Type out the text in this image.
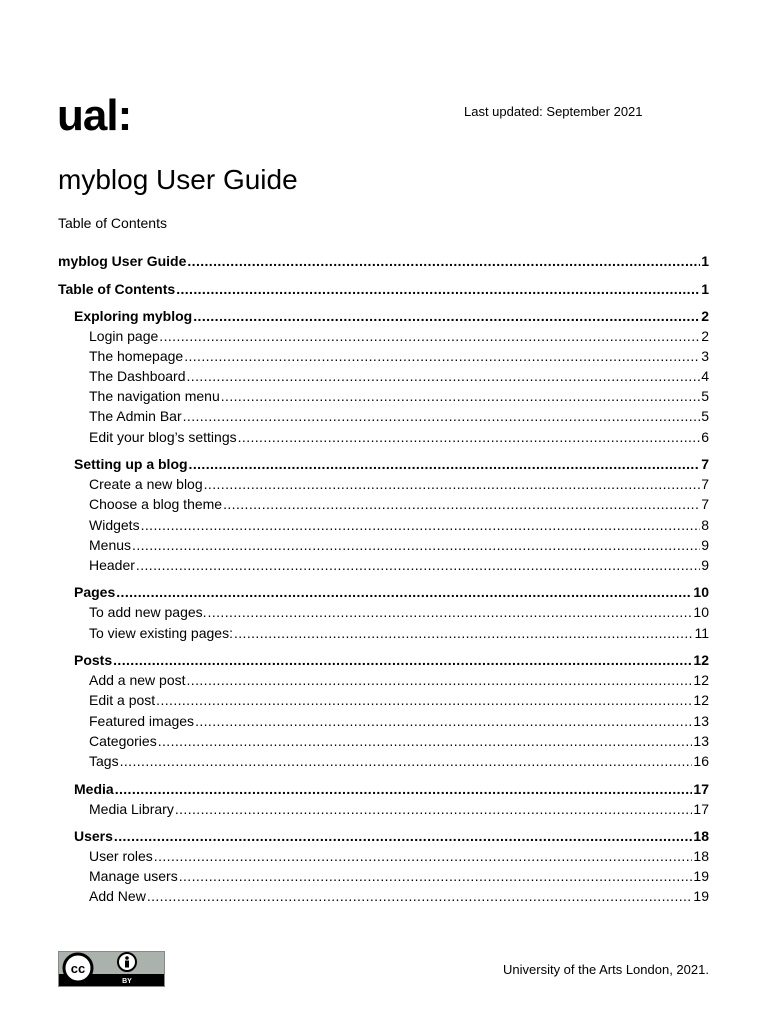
ual:	Last updated: September 2021
myblog User Guide
Table of Contents
myblog User Guide .....	1
Table of Contents .....	1
Exploring myblog .....	2
Login page .....	2
The homepage .....	3
The Dashboard .....	4
The navigation menu .....	5
The Admin Bar .....	5
Edit your blog’s settings .....	6
Setting up a blog .....	7
Create a new blog .....	7
Choose a blog theme .....	7
Widgets .....	8
Menus .....	9
Header .....	9
Pages .....	10
To add new pages. .....	10
To view existing pages: .....	11
Posts .....	12
Add a new post .....	12
Edit a post .....	12
Featured images .....	13
Categories .....	13
Tags .....	16
Media .....	17
Media Library .....	17
Users .....	18
User roles .....	18
Manage users .....	19
Add New .....	19
cc
BY
University of the Arts London, 2021.
